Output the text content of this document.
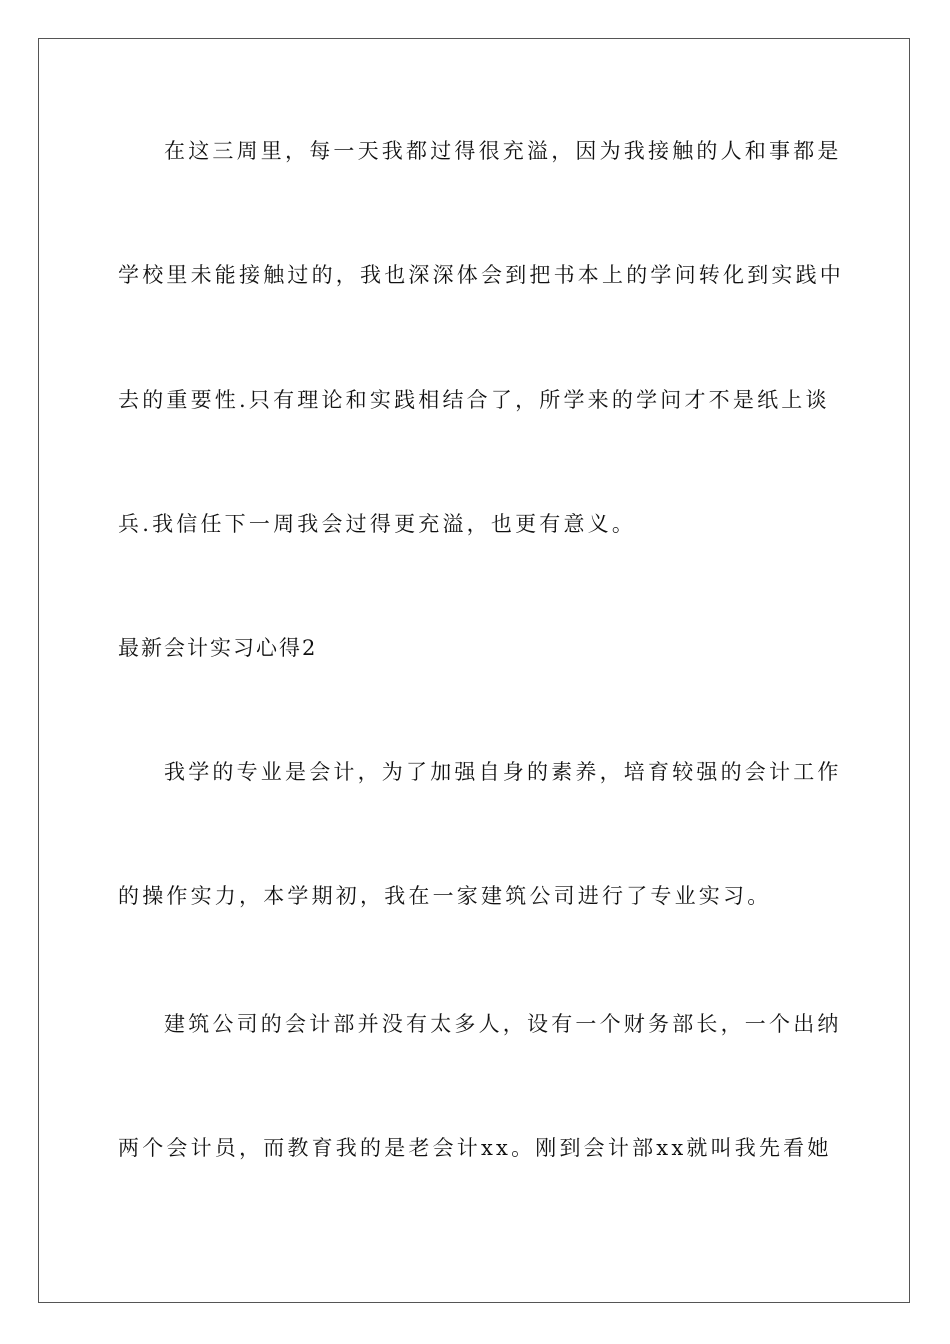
在这三周里，每一天我都过得很充溢，因为我接触的人和事都是

学校里未能接触过的，我也深深体会到把书本上的学问转化到实践中

去的重要性.只有理论和实践相结合了，所学来的学问才不是纸上谈

兵.我信任下一周我会过得更充溢，也更有意义。

最新会计实习心得2

我学的专业是会计，为了加强自身的素养，培育较强的会计工作

的操作实力，本学期初，我在一家建筑公司进行了专业实习。

建筑公司的会计部并没有太多人，设有一个财务部长，一个出纳

两个会计员，而教育我的是老会计xx。刚到会计部xx就叫我先看她
